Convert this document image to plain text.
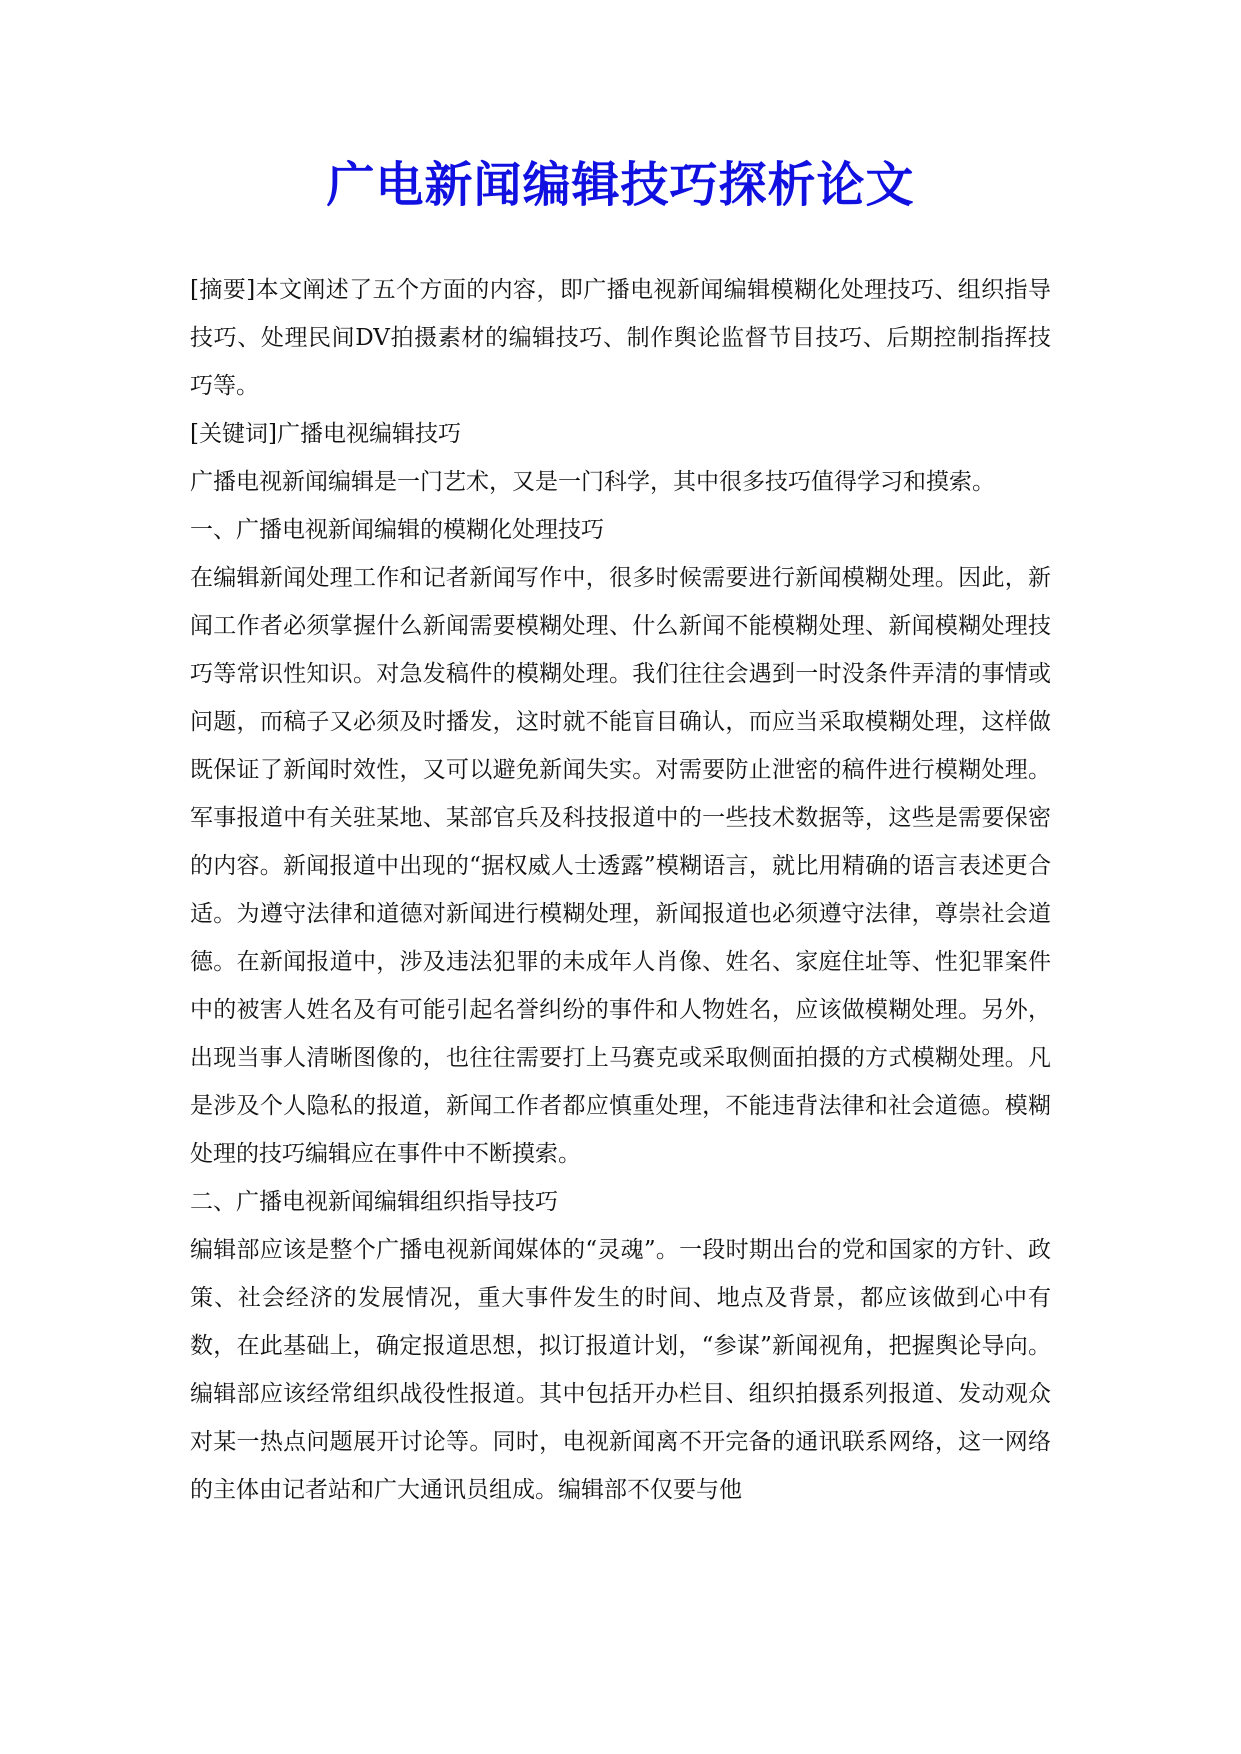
广电新闻编辑技巧探析论文

[摘要]本文阐述了五个方面的内容，即广播电视新闻编辑模糊化处理技巧、组织指导技巧、处理民间DV拍摄素材的编辑技巧、制作舆论监督节目技巧、后期控制指挥技巧等。

[关键词]广播电视编辑技巧

广播电视新闻编辑是一门艺术，又是一门科学，其中很多技巧值得学习和摸索。

一、广播电视新闻编辑的模糊化处理技巧

在编辑新闻处理工作和记者新闻写作中，很多时候需要进行新闻模糊处理。因此，新闻工作者必须掌握什么新闻需要模糊处理、什么新闻不能模糊处理、新闻模糊处理技巧等常识性知识。对急发稿件的模糊处理。我们往往会遇到一时没条件弄清的事情或问题，而稿子又必须及时播发，这时就不能盲目确认，而应当采取模糊处理，这样做既保证了新闻时效性，又可以避免新闻失实。对需要防止泄密的稿件进行模糊处理。军事报道中有关驻某地、某部官兵及科技报道中的一些技术数据等，这些是需要保密的内容。新闻报道中出现的“据权威人士透露”模糊语言，就比用精确的语言表述更合适。为遵守法律和道德对新闻进行模糊处理，新闻报道也必须遵守法律，尊崇社会道德。在新闻报道中，涉及违法犯罪的未成年人肖像、姓名、家庭住址等、性犯罪案件中的被害人姓名及有可能引起名誉纠纷的事件和人物姓名，应该做模糊处理。另外，出现当事人清晰图像的，也往往需要打上马赛克或采取侧面拍摄的方式模糊处理。凡是涉及个人隐私的报道，新闻工作者都应慎重处理，不能违背法律和社会道德。模糊处理的技巧编辑应在事件中不断摸索。

二、广播电视新闻编辑组织指导技巧

编辑部应该是整个广播电视新闻媒体的“灵魂”。一段时期出台的党和国家的方针、政策、社会经济的发展情况，重大事件发生的时间、地点及背景，都应该做到心中有数，在此基础上，确定报道思想，拟订报道计划，“参谋”新闻视角，把握舆论导向。编辑部应该经常组织战役性报道。其中包括开办栏目、组织拍摄系列报道、发动观众对某一热点问题展开讨论等。同时，电视新闻离不开完备的通讯联系网络，这一网络的主体由记者站和广大通讯员组成。编辑部不仅要与他
